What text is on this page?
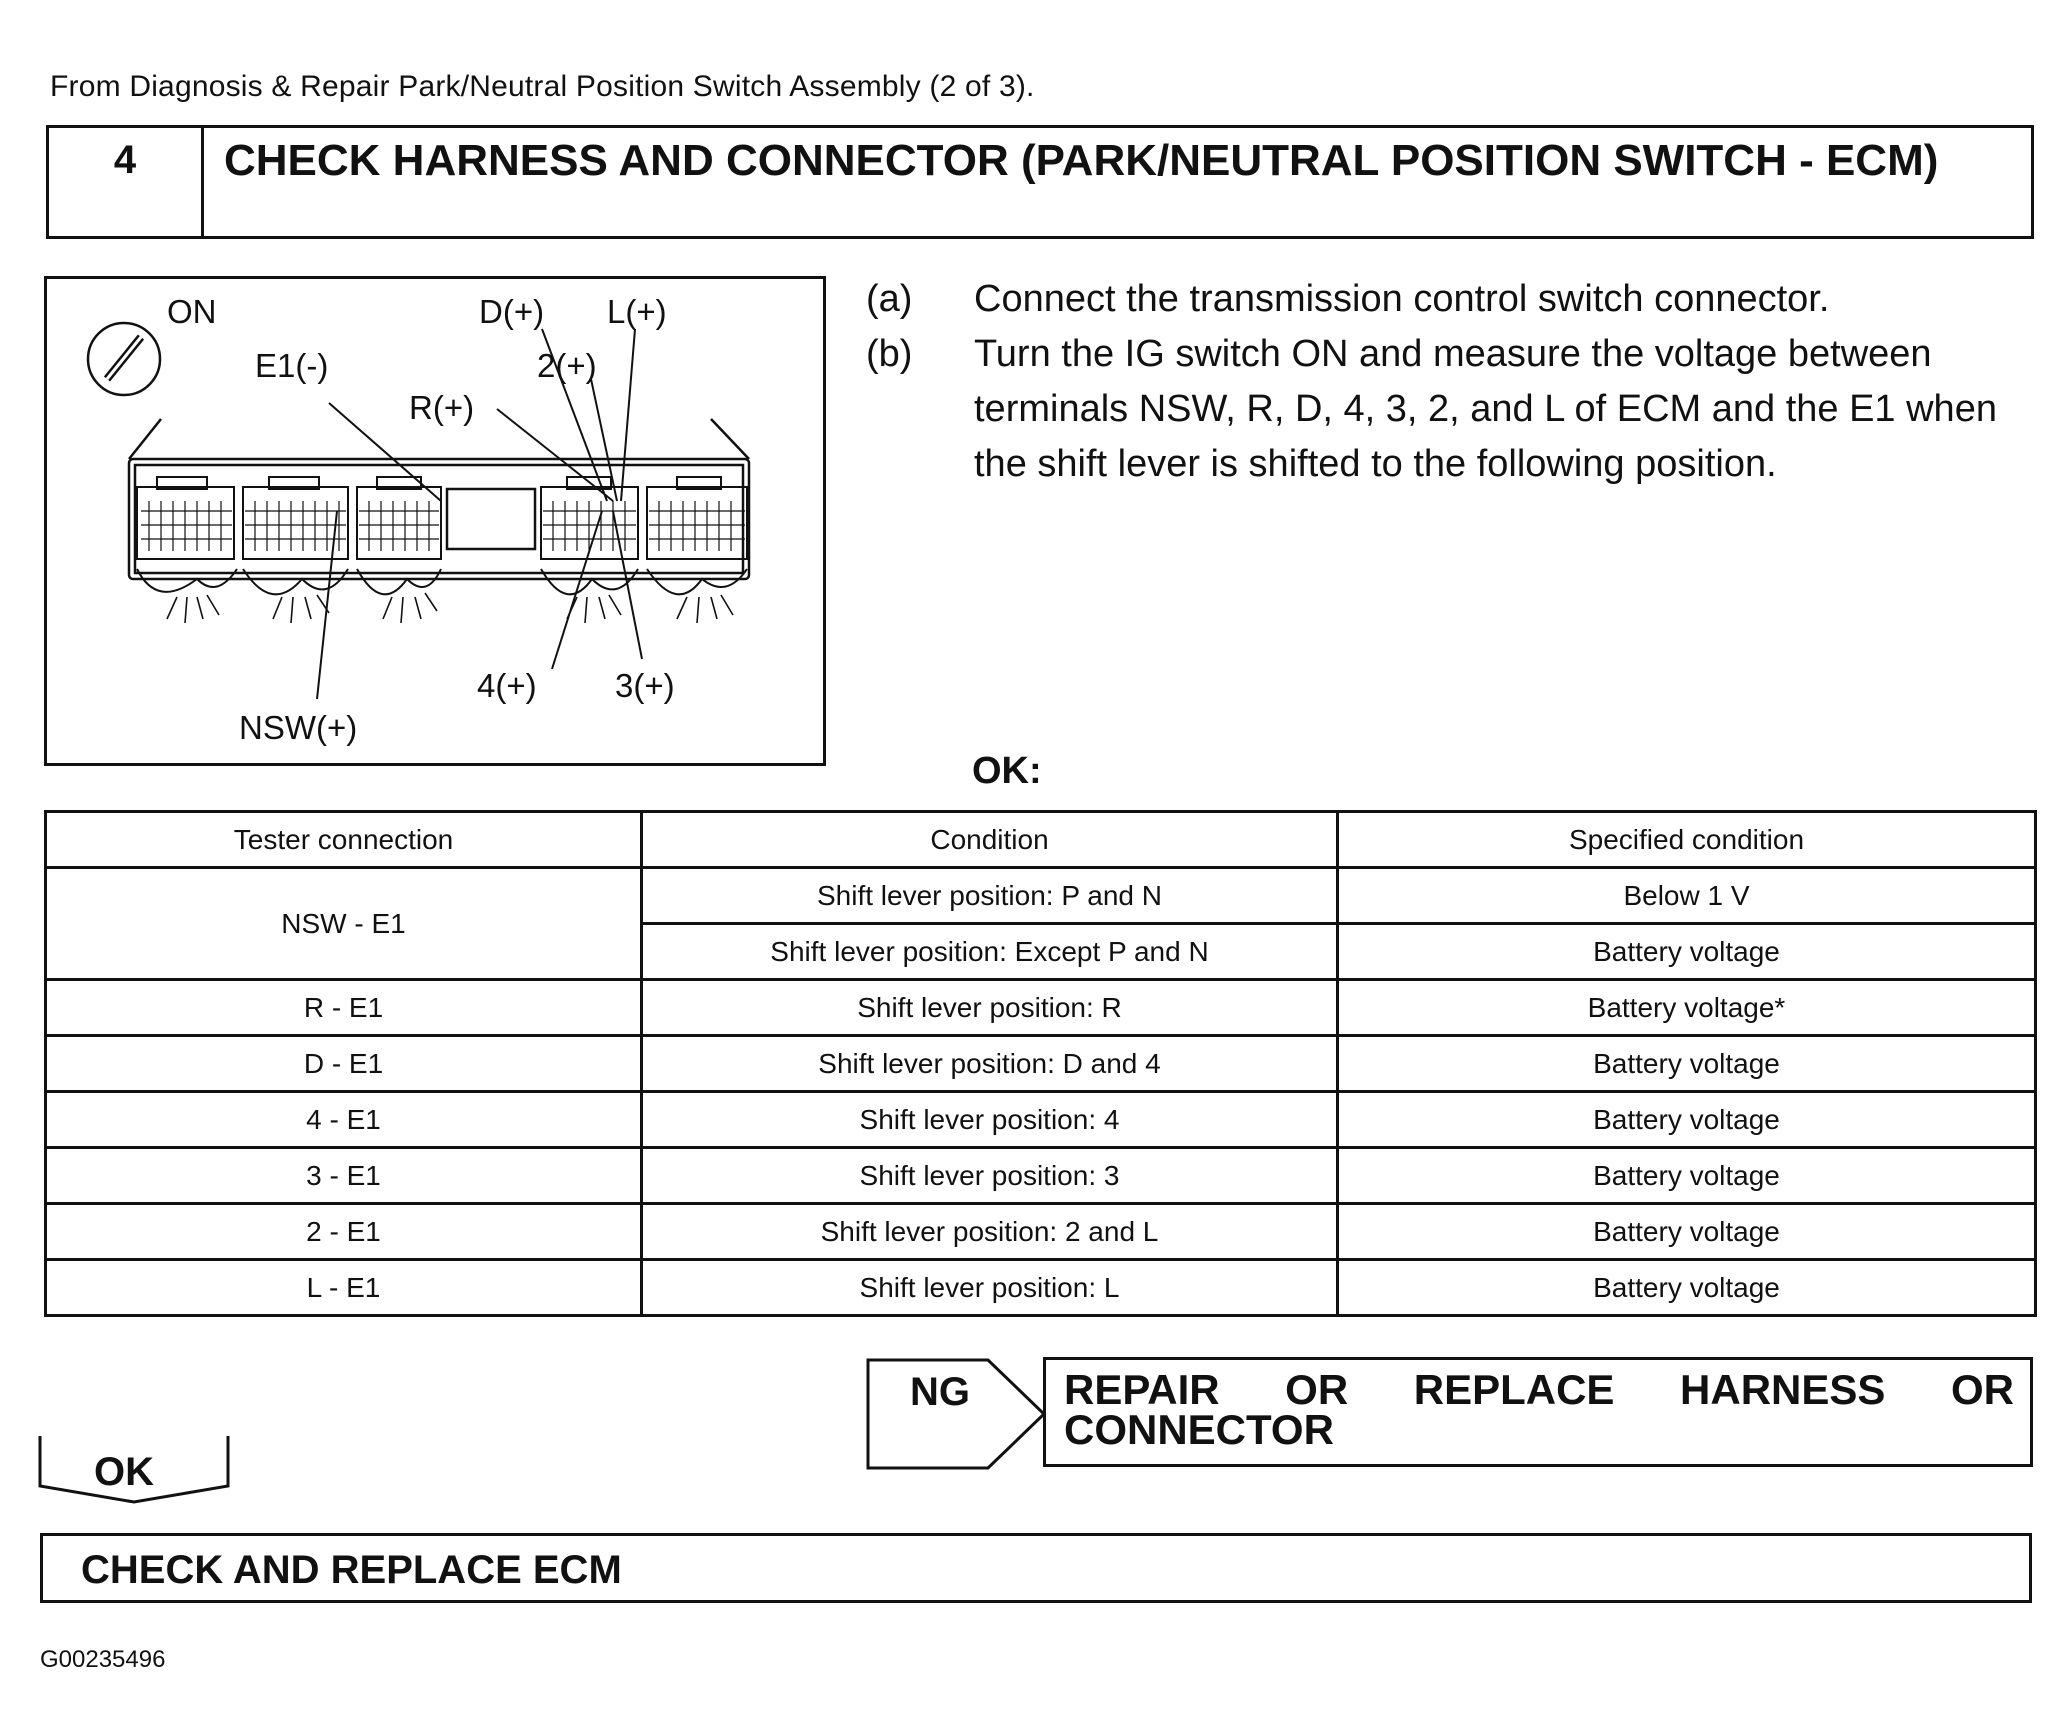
From Diagnosis & Repair Park/Neutral Position Switch Assembly (2 of 3).
4	CHECK HARNESS AND CONNECTOR (PARK/NEUTRAL POSITION SWITCH - ECM)
ON	D(+) L(+)
E1(-)	2(+)
R(+)
4(+) 3(+)
NSW(+)
(a)	Connect the transmission control switch connector.
(b)	Turn the IG switch ON and measure the voltage between terminals NSW, R, D, 4, 3, 2, and L of ECM and the E1 when the shift lever is shifted to the following position.
OK:
Tester connection	Condition	Specified condition
NSW - E1	Shift lever position: P and N	Below 1 V
	Shift lever position: Except P and N	Battery voltage
R - E1	Shift lever position: R	Battery voltage*
D - E1	Shift lever position: D and 4	Battery voltage
4 - E1	Shift lever position: 4	Battery voltage
3 - E1	Shift lever position: 3	Battery voltage
2 - E1	Shift lever position: 2 and L	Battery voltage
L - E1	Shift lever position: L	Battery voltage
NG	REPAIR OR REPLACE HARNESS OR CONNECTOR
OK
CHECK AND REPLACE ECM
G00235496
